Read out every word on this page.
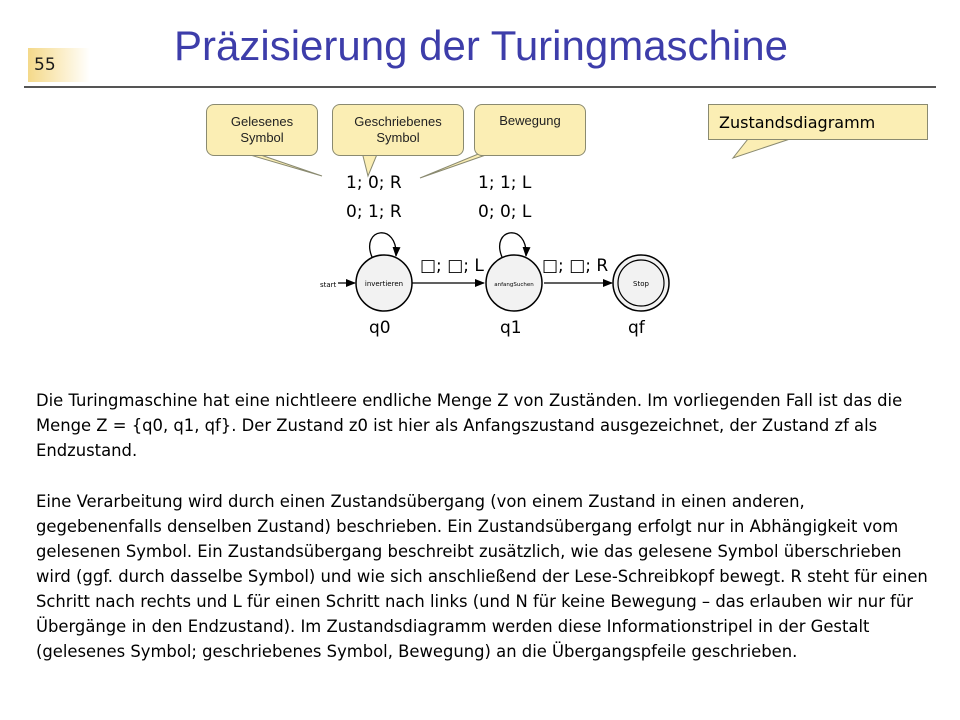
55	Präzisierung der Turingmaschine
start	invertieren	anfangSuchen	Stop
Gelesenes
Symbol
Geschriebenes
Symbol
Bewegung	Zustandsdiagramm
1; 0; R
0; 1; R
1; 1; L
0; 0; L
□; □; L	□; □; R
q0	q1	qf

Die Turingmaschine hat eine nichtleere endliche Menge Z von Zuständen. Im vorliegenden Fall ist das die Menge Z = {q0, q1, qf}. Der Zustand z0 ist hier als Anfangszustand ausgezeichnet, der Zustand zf als Endzustand.

Eine Verarbeitung wird durch einen Zustandsübergang (von einem Zustand in einen anderen, gegebenenfalls denselben Zustand) beschrieben. Ein Zustandsübergang erfolgt nur in Abhängigkeit vom gelesenen Symbol. Ein Zustandsübergang beschreibt zusätzlich, wie das gelesene Symbol überschrieben wird (ggf. durch dasselbe Symbol) und wie sich anschließend der Lese-Schreibkopf bewegt. R steht für einen Schritt nach rechts und L für einen Schritt nach links (und N für keine Bewegung – das erlauben wir nur für Übergänge in den Endzustand). Im Zustandsdiagramm werden diese Informationstripel in der Gestalt (gelesenes Symbol; geschriebenes Symbol, Bewegung) an die Übergangspfeile geschrieben.
